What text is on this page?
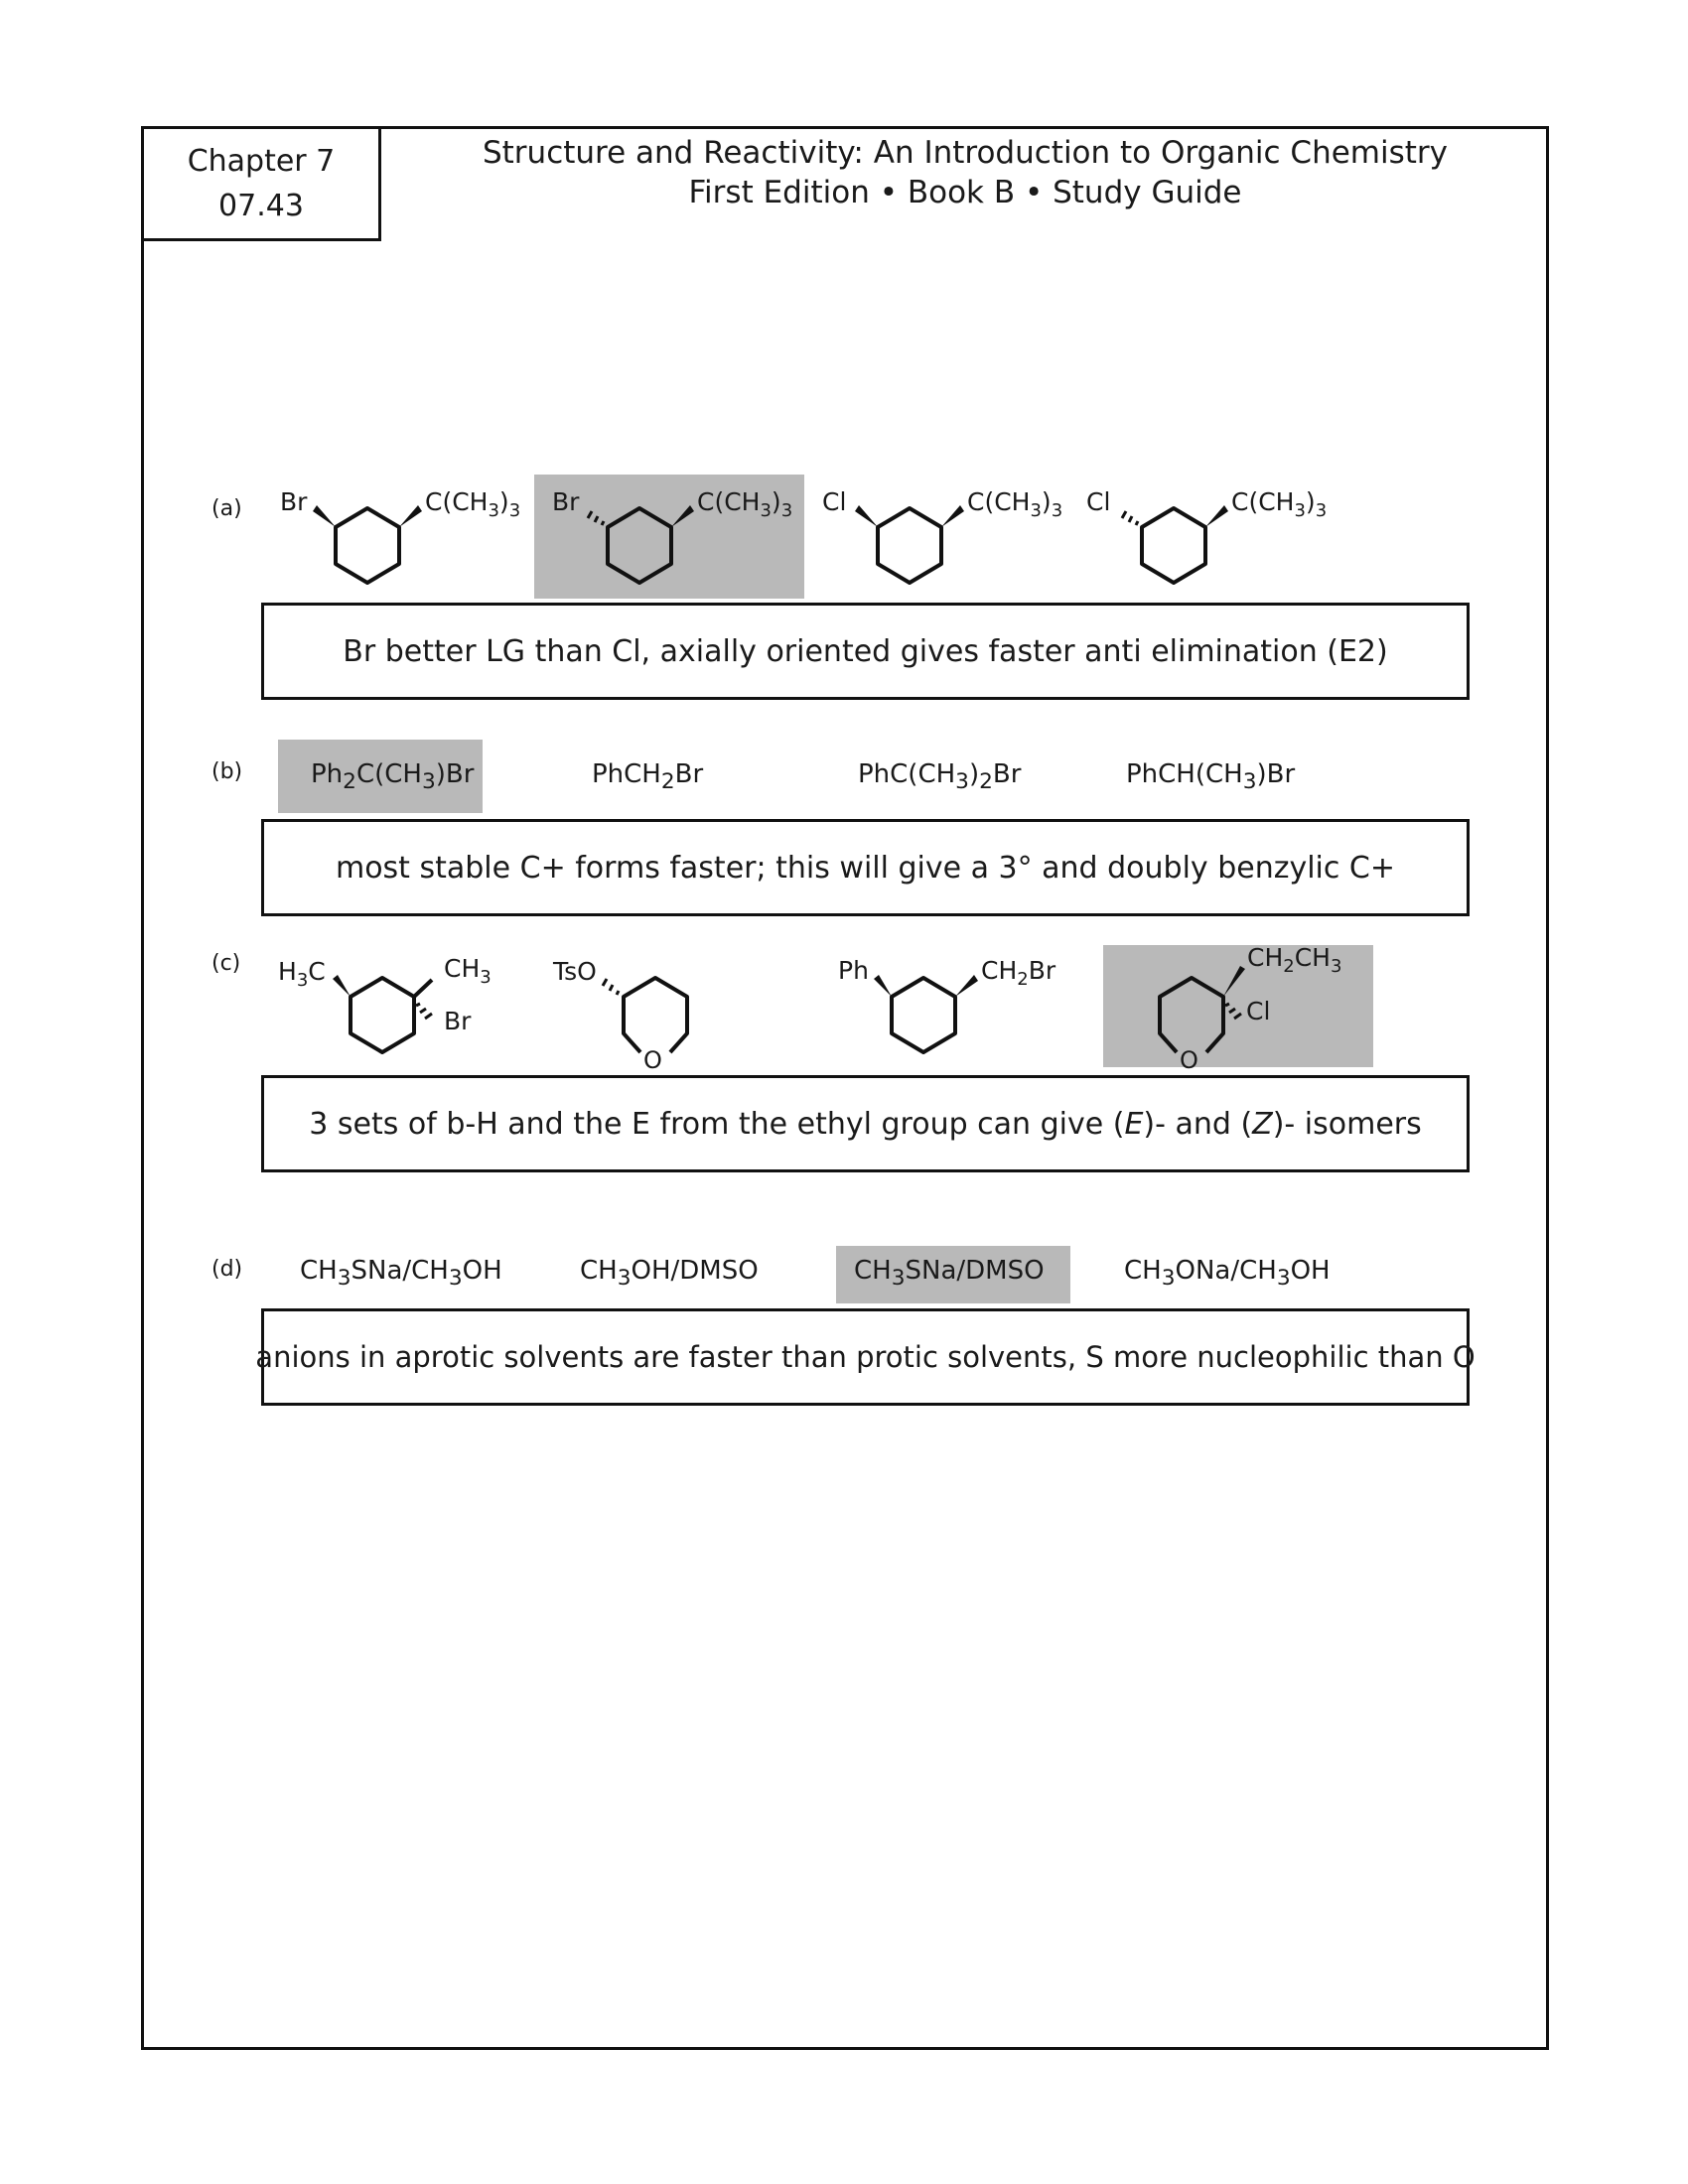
Chapter 7
07.43
Structure and Reactivity: An Introduction to Organic Chemistry
First Edition • Book B • Study Guide
(a)
(b)
(c)
(d)
Br	$C(CH_3)_3$ Br	$C(CH_3)_3$ Cl	$C(CH_3)_3$ Cl	$C(CH_3)_3$
$H_3C$	$CH_3$
Br
O
TsO	Ph	$CH_2Br$
O
$CH_2CH_3$
Cl
Br better LG than Cl, axially oriented gives faster anti elimination (E2)
$Ph_2C(CH_3)Br$	PhCH$_2$Br	$PhC(CH_3)_2Br$	$PhCH(CH_3)Br$
most stable C+ forms faster; this will give a 3° and doubly benzylic C+
3 sets of b-H and the E from the ethyl group can give (E)- and (Z)- isomers
$CH_3SNa/CH_3OH$	$CH_3OH$/DMSO	$CH_3SNa$/DMSO	$CH_3ONa/CH_3OH$
anions in aprotic solvents are faster than protic solvents, S more nucleophilic than O
